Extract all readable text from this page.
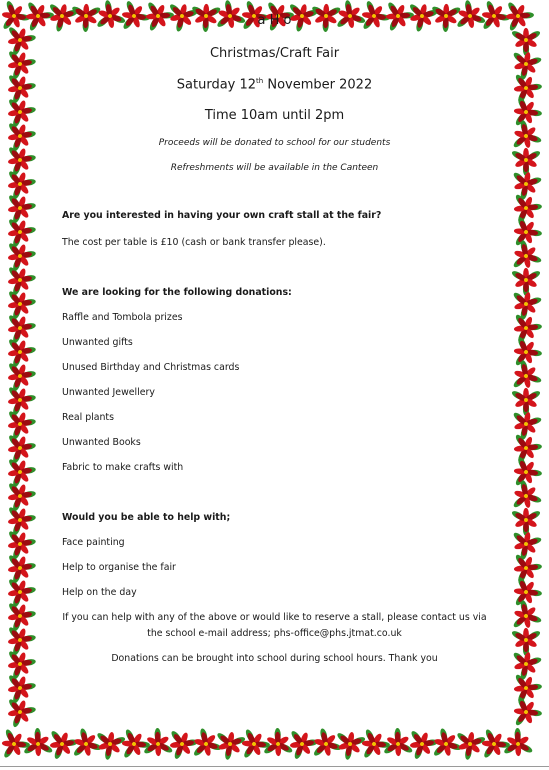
a H o
Christmas/Craft Fair
Saturday 12th November 2022
Time 10am until 2pm
Proceeds will be donated to school for our students
Refreshments will be available in the Canteen
Are you interested in having your own craft stall at the fair?
The cost per table is £10 (cash or bank transfer please).
We are looking for the following donations:
Raffle and Tombola prizes
Unwanted gifts
Unused Birthday and Christmas cards
Unwanted Jewellery
Real plants
Unwanted Books
Fabric to make crafts with
Would you be able to help with;
Face painting
Help to organise the fair
Help on the day
If you can help with any of the above or would like to reserve a stall, please contact us via
the school e-mail address; phs-office@phs.jtmat.co.uk
Donations can be brought into school during school hours. Thank you
